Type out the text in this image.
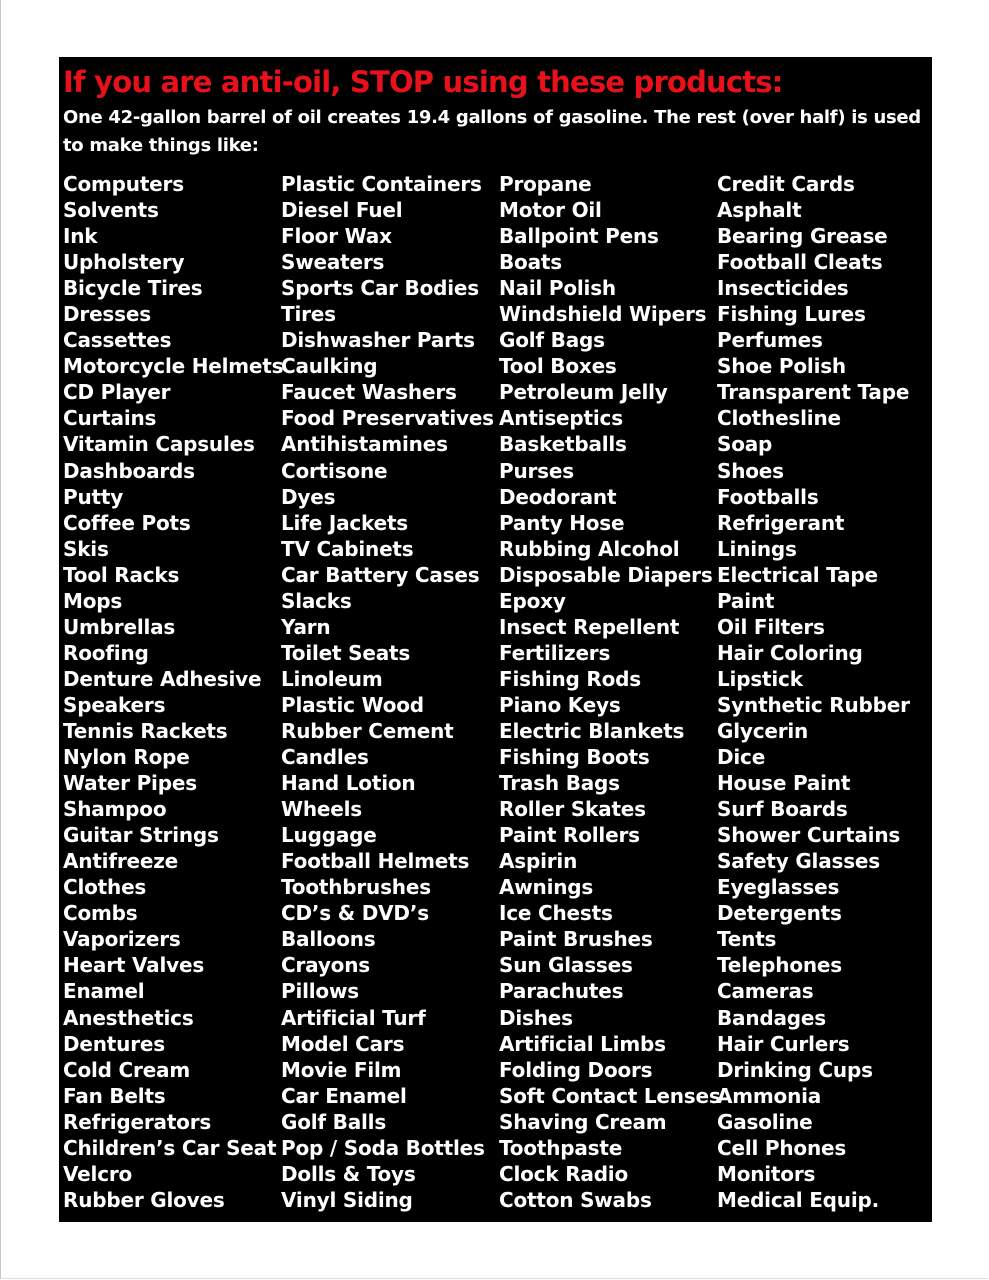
If you are anti-oil, STOP using these products:

One 42-gallon barrel of oil creates 19.4 gallons of gasoline. The rest (over half) is used to make things like:

Computers
Solvents
Ink
Upholstery
Bicycle Tires
Dresses
Cassettes
Motorcycle Helmets
CD Player
Curtains
Vitamin Capsules
Dashboards
Putty
Coffee Pots
Skis
Tool Racks
Mops
Umbrellas
Roofing
Denture Adhesive
Speakers
Tennis Rackets
Nylon Rope
Water Pipes
Shampoo
Guitar Strings
Antifreeze
Clothes
Combs
Vaporizers
Heart Valves
Enamel
Anesthetics
Dentures
Cold Cream
Fan Belts
Refrigerators
Children’s Car Seat
Velcro
Rubber Gloves
Plastic Containers
Diesel Fuel
Floor Wax
Sweaters
Sports Car Bodies
Tires
Dishwasher Parts
Caulking
Faucet Washers
Food Preservatives
Antihistamines
Cortisone
Dyes
Life Jackets
TV Cabinets
Car Battery Cases
Slacks
Yarn
Toilet Seats
Linoleum
Plastic Wood
Rubber Cement
Candles
Hand Lotion
Wheels
Luggage
Football Helmets
Toothbrushes
CD’s & DVD’s
Balloons
Crayons
Pillows
Artificial Turf
Model Cars
Movie Film
Car Enamel
Golf Balls
Pop / Soda Bottles
Dolls & Toys
Vinyl Siding
Propane
Motor Oil
Ballpoint Pens
Boats
Nail Polish
Windshield Wipers
Golf Bags
Tool Boxes
Petroleum Jelly
Antiseptics
Basketballs
Purses
Deodorant
Panty Hose
Rubbing Alcohol
Disposable Diapers
Epoxy
Insect Repellent
Fertilizers
Fishing Rods
Piano Keys
Electric Blankets
Fishing Boots
Trash Bags
Roller Skates
Paint Rollers
Aspirin
Awnings
Ice Chests
Paint Brushes
Sun Glasses
Parachutes
Dishes
Artificial Limbs
Folding Doors
Soft Contact Lenses
Shaving Cream
Toothpaste
Clock Radio
Cotton Swabs
Credit Cards
Asphalt
Bearing Grease
Football Cleats
Insecticides
Fishing Lures
Perfumes
Shoe Polish
Transparent Tape
Clothesline
Soap
Shoes
Footballs
Refrigerant
Linings
Electrical Tape
Paint
Oil Filters
Hair Coloring
Lipstick
Synthetic Rubber
Glycerin
Dice
House Paint
Surf Boards
Shower Curtains
Safety Glasses
Eyeglasses
Detergents
Tents
Telephones
Cameras
Bandages
Hair Curlers
Drinking Cups
Ammonia
Gasoline
Cell Phones
Monitors
Medical Equip.
